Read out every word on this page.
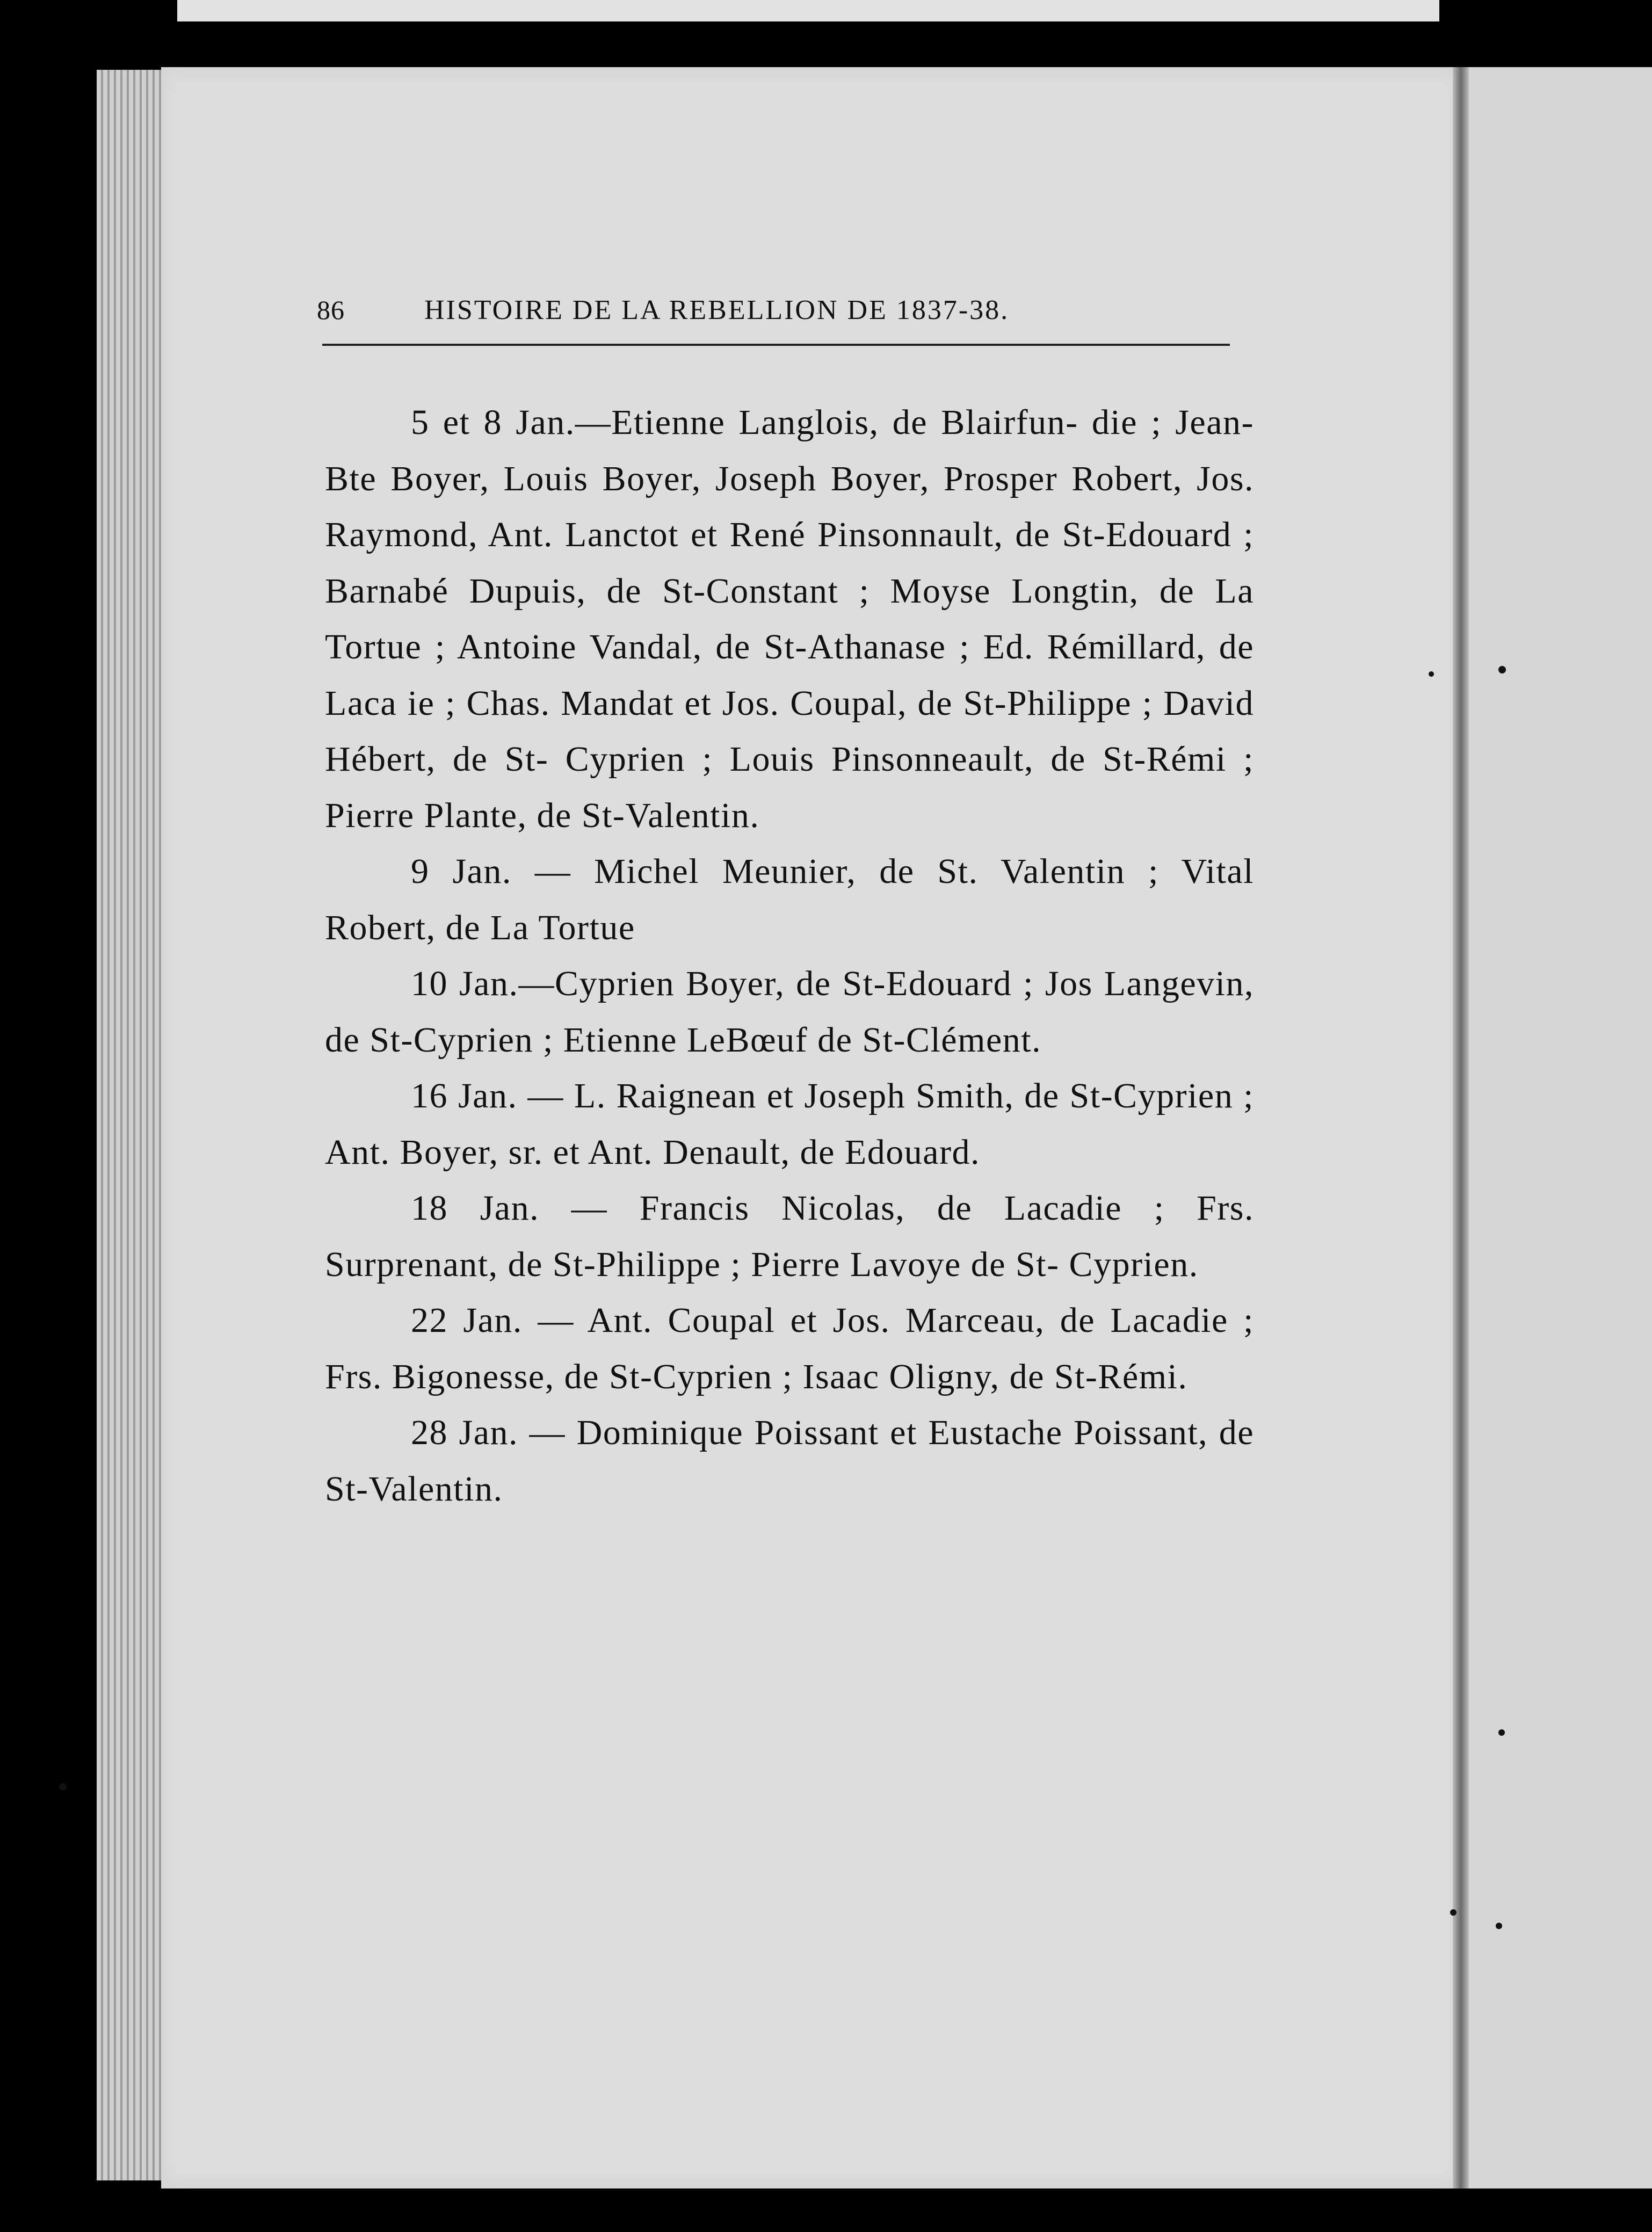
86	HISTOIRE DE LA REBELLION DE 1837-38.

5 et 8 Jan.—Etienne Langlois, de Blairfun- die ; Jean-Bte Boyer, Louis Boyer, Joseph Boyer, Prosper Robert, Jos. Raymond, Ant. Lanctot et René Pinsonnault, de St-Edouard ; Barnabé Dupuis, de St-Constant ; Moyse Longtin, de La Tortue ; Antoine Vandal, de St-Athanase ; Ed. Rémillard, de Laca ie ; Chas. Mandat et Jos. Coupal, de St-Philippe ; David Hébert, de St- Cyprien ; Louis Pinsonneault, de St-Rémi ; Pierre Plante, de St-Valentin.

9 Jan. — Michel Meunier, de St. Valentin ; Vital Robert, de La Tortue

10 Jan.—Cyprien Boyer, de St-Edouard ; Jos Langevin, de St-Cyprien ; Etienne LeBœuf de St-Clément.

16 Jan. — L. Raignean et Joseph Smith, de St-Cyprien ; Ant. Boyer, sr. et Ant. Denault, de Edouard.

18 Jan. — Francis Nicolas, de Lacadie ; Frs. Surprenant, de St-Philippe ; Pierre Lavoye de St- Cyprien.

22 Jan. — Ant. Coupal et Jos. Marceau, de Lacadie ; Frs. Bigonesse, de St-Cyprien ; Isaac Oligny, de St-Rémi.

28 Jan. — Dominique Poissant et Eustache Poissant, de St-Valentin.
